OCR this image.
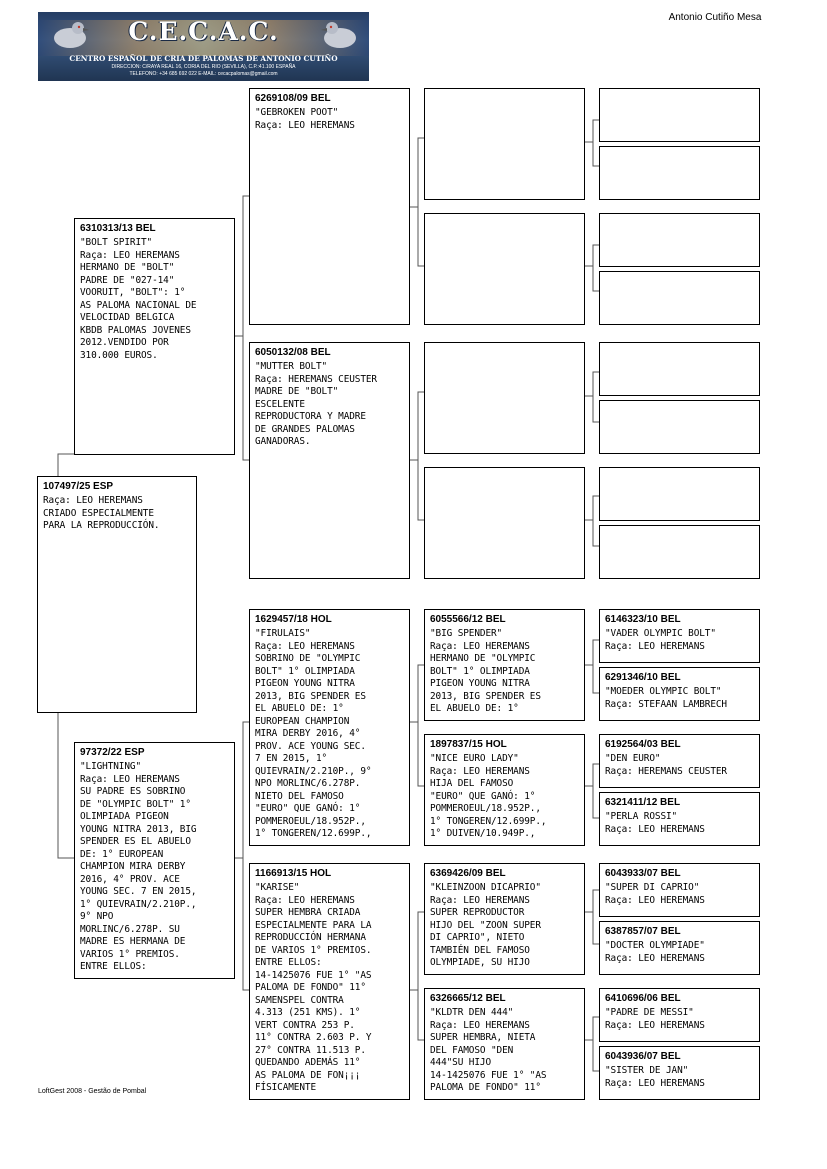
C.E.C.A.C.
CENTRO ESPAÑOL DE CRIA DE PALOMAS DE ANTONIO CUTIÑO
DIRECCION: C/RAYA REAL 16, CORIA DEL RIO (SEVILLA), C.P.:41.100 ESPAÑA
TELEFONO: +34 685 692 022 E-MAIL: cecacpalomas@gmail.com
Antonio Cutiño Mesa
107497/25 ESP
Raça: LEO HEREMANS
CRIADO ESPECIALMENTE
PARA LA REPRODUCCIÓN.
6310313/13 BEL
"BOLT SPIRIT"
Raça: LEO HEREMANS
HERMANO DE "BOLT"
PADRE DE "027-14"
VOORUIT, "BOLT": 1°
AS PALOMA NACIONAL DE
VELOCIDAD BELGICA
KBDB PALOMAS JOVENES
2012.VENDIDO POR
310.000 EUROS.
97372/22 ESP
"LIGHTNING"
Raça: LEO HEREMANS
SU PADRE ES SOBRINO
DE "OLYMPIC BOLT" 1°
OLIMPIADA PIGEON
YOUNG NITRA 2013, BIG
SPENDER ES EL ABUELO
DE: 1° EUROPEAN
CHAMPION MIRA DERBY
2016, 4° PROV. ACE
YOUNG SEC. 7 EN 2015,
1° QUIEVRAIN/2.210P.,
9° NPO
MORLINC/6.278P. SU
MADRE ES HERMANA DE
VARIOS 1° PREMIOS.
ENTRE ELLOS:
6269108/09 BEL
"GEBROKEN POOT"
Raça: LEO HEREMANS
6050132/08 BEL
"MUTTER BOLT"
Raça: HEREMANS CEUSTER
MADRE DE "BOLT"
ESCELENTE
REPRODUCTORA Y MADRE
DE GRANDES PALOMAS
GANADORAS.
1629457/18 HOL
"FIRULAIS"
Raça: LEO HEREMANS
SOBRINO DE "OLYMPIC
BOLT" 1° OLIMPIADA
PIGEON YOUNG NITRA
2013, BIG SPENDER ES
EL ABUELO DE: 1°
EUROPEAN CHAMPION
MIRA DERBY 2016, 4°
PROV. ACE YOUNG SEC.
7 EN 2015, 1°
QUIEVRAIN/2.210P., 9°
NPO MORLINC/6.278P.
NIETO DEL FAMOSO
"EURO" QUE GANÓ: 1°
POMMEROEUL/18.952P.,
1° TONGEREN/12.699P.,
1166913/15 HOL
"KARISE"
Raça: LEO HEREMANS
SUPER HEMBRA CRIADA
ESPECIALMENTE PARA LA
REPRODUCCIÓN HERMANA
DE VARIOS 1° PREMIOS.
ENTRE ELLOS:
14-1425076 FUE 1° "AS
PALOMA DE FONDO" 11°
SAMENSPEL CONTRA
4.313 (251 KMS). 1°
VERT CONTRA 253 P.
11° CONTRA 2.603 P. Y
27° CONTRA 11.513 P.
QUEDANDO ADEMÁS 11°
AS PALOMA DE FON¡¡¡
FÍSICAMENTE
6055566/12 BEL
"BIG SPENDER"
Raça: LEO HEREMANS
HERMANO DE "OLYMPIC
BOLT" 1° OLIMPIADA
PIGEON YOUNG NITRA
2013, BIG SPENDER ES
EL ABUELO DE: 1°
1897837/15 HOL
"NICE EURO LADY"
Raça: LEO HEREMANS
HIJA DEL FAMOSO
"EURO" QUE GANÓ: 1°
POMMEROEUL/18.952P.,
1° TONGEREN/12.699P.,
1° DUIVEN/10.949P.,
6369426/09 BEL
"KLEINZOON DICAPRIO"
Raça: LEO HEREMANS
SUPER REPRODUCTOR
HIJO DEL "ZOON SUPER
DI CAPRIO", NIETO
TAMBIÉN DEL FAMOSO
OLYMPIADE, SU HIJO
6326665/12 BEL
"KLDTR DEN 444"
Raça: LEO HEREMANS
SUPER HEMBRA, NIETA
DEL FAMOSO "DEN
444"SU HIJO
14-1425076 FUE 1° "AS
PALOMA DE FONDO" 11°
6146323/10 BEL
"VADER OLYMPIC BOLT"
Raça: LEO HEREMANS
6291346/10 BEL
"MOEDER OLYMPIC BOLT"
Raça: STEFAAN LAMBRECH
6192564/03 BEL
"DEN EURO"
Raça: HEREMANS CEUSTER
6321411/12 BEL
"PERLA ROSSI"
Raça: LEO HEREMANS
6043933/07 BEL
"SUPER DI CAPRIO"
Raça: LEO HEREMANS
6387857/07 BEL
"DOCTER OLYMPIADE"
Raça: LEO HEREMANS
6410696/06 BEL
"PADRE DE MESSI"
Raça: LEO HEREMANS
6043936/07 BEL
"SISTER DE JAN"
Raça: LEO HEREMANS
LoftGest 2008 - Gestão de Pombal
